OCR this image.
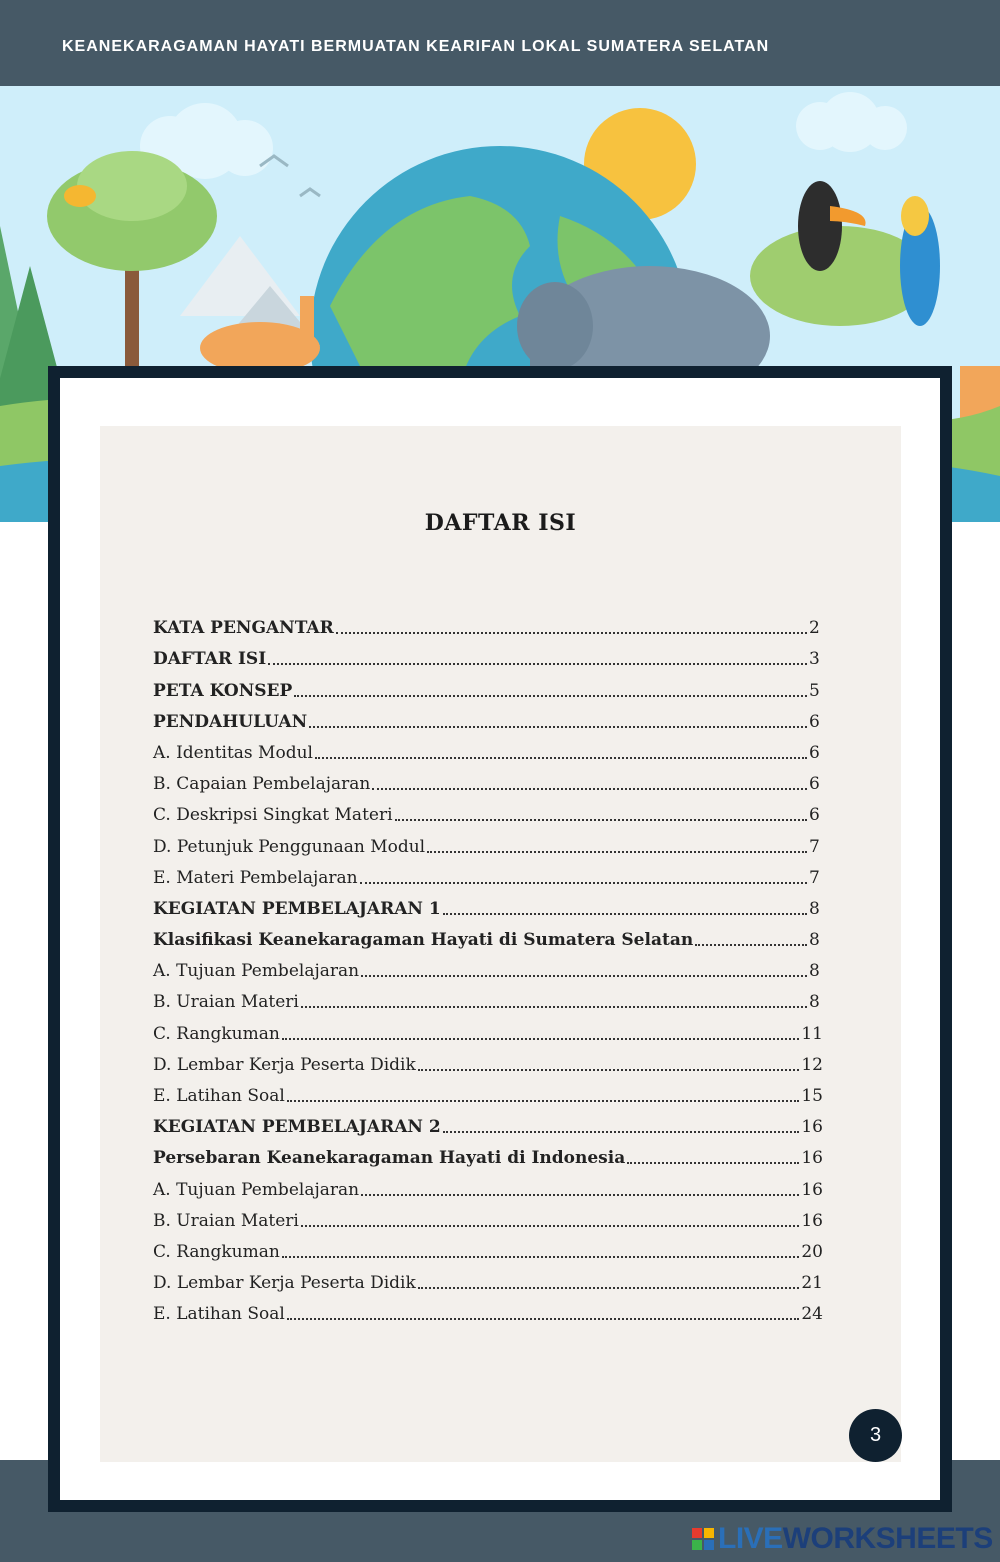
KEANEKARAGAMAN HAYATI BERMUATAN KEARIFAN LOKAL SUMATERA SELATAN
DAFTAR ISI
KATA PENGANTAR	2
DAFTAR ISI	3
PETA KONSEP	5
PENDAHULUAN	6
A. Identitas Modul	6
B. Capaian Pembelajaran	6
C. Deskripsi Singkat Materi	6
D. Petunjuk Penggunaan Modul	7
E. Materi Pembelajaran	7
KEGIATAN PEMBELAJARAN 1	8
Klasifikasi Keanekaragaman Hayati di Sumatera Selatan	8
A. Tujuan Pembelajaran	8
B. Uraian Materi	8
C. Rangkuman	11
D. Lembar Kerja Peserta Didik	12
E. Latihan Soal	15
KEGIATAN PEMBELAJARAN 2	16
Persebaran Keanekaragaman Hayati di Indonesia	16
A. Tujuan Pembelajaran	16
B. Uraian Materi	16
C. Rangkuman	20
D. Lembar Kerja Peserta Didik	21
E. Latihan Soal	24
3
LIVEWORKSHEETS
